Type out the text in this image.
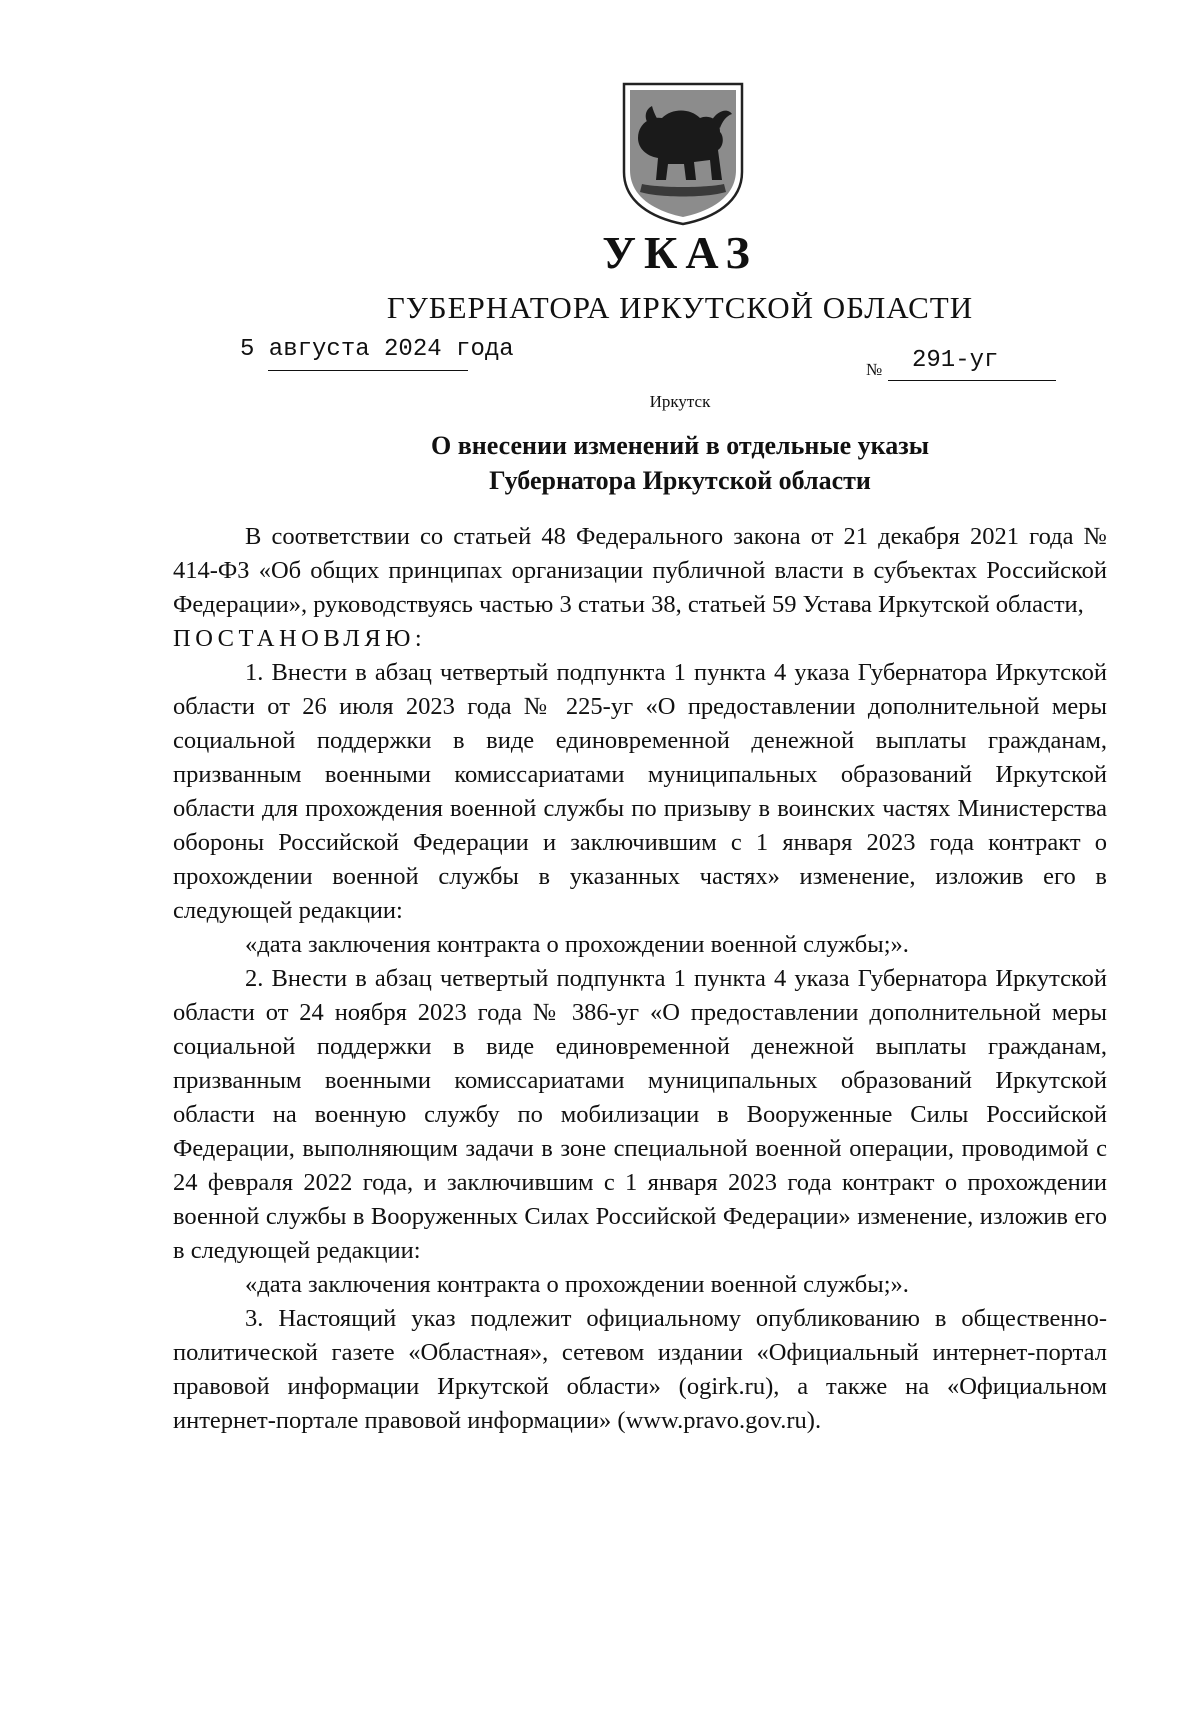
УКАЗ
ГУБЕРНАТОРА ИРКУТСКОЙ ОБЛАСТИ
5 августа 2024 года
№ 291-уг
Иркутск
О внесении изменений в отдельные указы
Губернатора Иркутской области

В соответствии со статьей 48 Федерального закона от 21 декабря 2021 года № 414-ФЗ «Об общих принципах организации публичной власти в субъектах Российской Федерации», руководствуясь частью 3 статьи 38, статьей 59 Устава Иркутской области,

ПОСТАНОВЛЯЮ:

1. Внести в абзац четвертый подпункта 1 пункта 4 указа Губернатора Иркутской области от 26 июля 2023 года № 225-уг «О предоставлении дополнительной меры социальной поддержки в виде единовременной денежной выплаты гражданам, призванным военными комиссариатами муниципальных образований Иркутской области для прохождения военной службы по призыву в воинских частях Министерства обороны Российской Федерации и заключившим с 1 января 2023 года контракт о прохождении военной службы в указанных частях» изменение, изложив его в следующей редакции:

«дата заключения контракта о прохождении военной службы;».

2. Внести в абзац четвертый подпункта 1 пункта 4 указа Губернатора Иркутской области от 24 ноября 2023 года № 386-уг «О предоставлении дополнительной меры социальной поддержки в виде единовременной денежной выплаты гражданам, призванным военными комиссариатами муниципальных образований Иркутской области на военную службу по мобилизации в Вооруженные Силы Российской Федерации, выполняющим задачи в зоне специальной военной операции, проводимой с 24 февраля 2022 года, и заключившим с 1 января 2023 года контракт о прохождении военной службы в Вооруженных Силах Российской Федерации» изменение, изложив его в следующей редакции:

«дата заключения контракта о прохождении военной службы;».

3. Настоящий указ подлежит официальному опубликованию в общественно-политической газете «Областная», сетевом издании «Официальный интернет-портал правовой информации Иркутской области» (ogirk.ru), а также на «Официальном интернет-портале правовой информации» (www.pravo.gov.ru).
